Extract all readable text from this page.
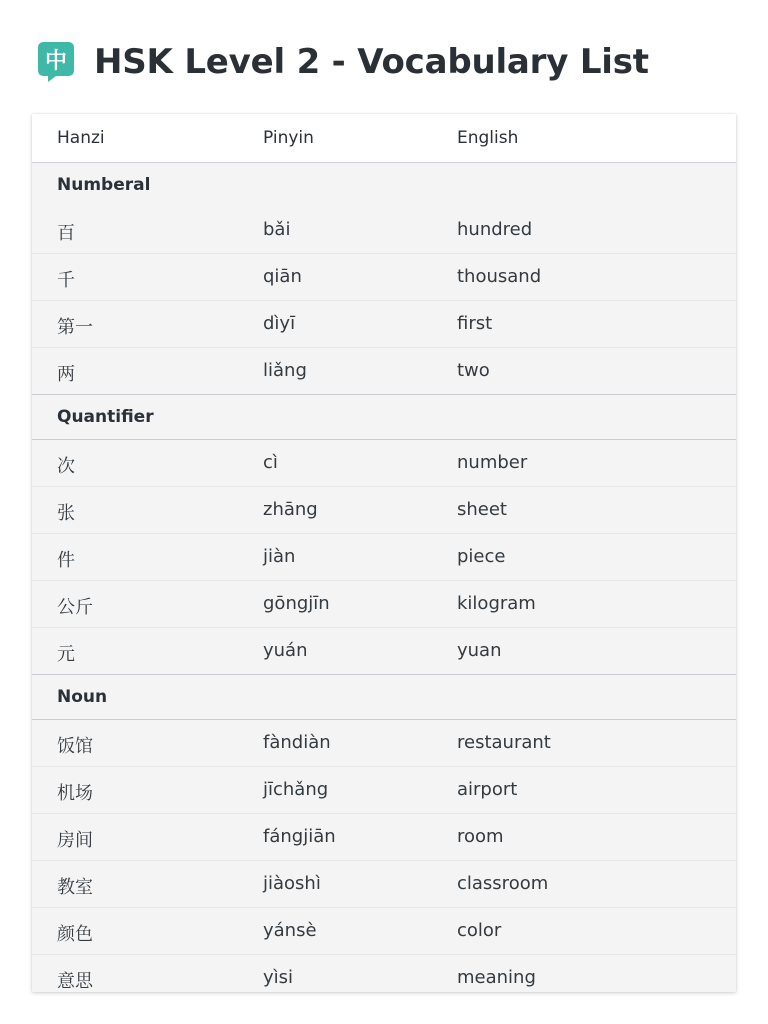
中 HSK Level 2 - Vocabulary List
Hanzi	Pinyin	English
Numberal
百	bǎi	hundred
千	qiān	thousand
第一	dìyī	first
两	liǎng	two
Quantifier
次	cì	number
张	zhāng	sheet
件	jiàn	piece
公斤	gōngjīn	kilogram
元	yuán	yuan
Noun
饭馆	fàndiàn	restaurant
机场	jīchǎng	airport
房间	fángjiān	room
教室	jiàoshì	classroom
颜色	yánsè	color
意思	yìsi	meaning
